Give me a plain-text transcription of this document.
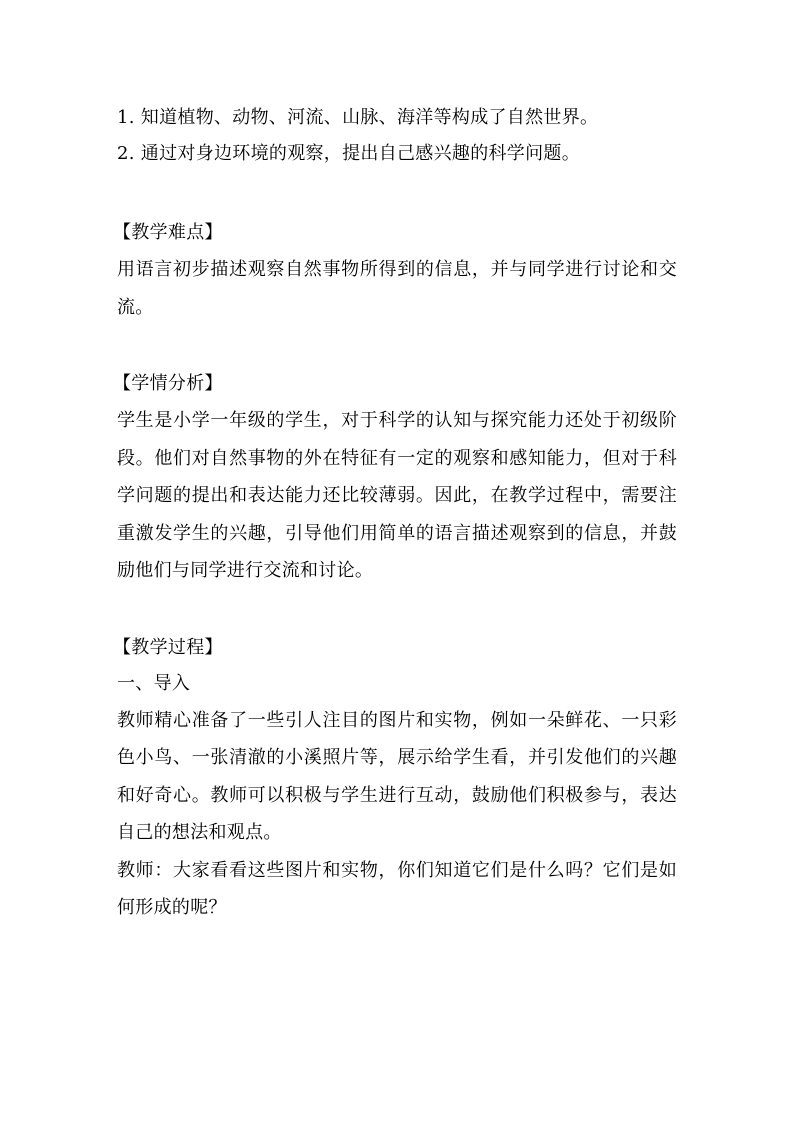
1. 知道植物、动物、河流、山脉、海洋等构成了自然世界。
2. 通过对身边环境的观察，提出自己感兴趣的科学问题。
【教学难点】

用语言初步描述观察自然事物所得到的信息，并与同学进行讨论和交流。

【学情分析】

学生是小学一年级的学生，对于科学的认知与探究能力还处于初级阶段。他们对自然事物的外在特征有一定的观察和感知能力，但对于科学问题的提出和表达能力还比较薄弱。因此，在教学过程中，需要注重激发学生的兴趣，引导他们用简单的语言描述观察到的信息，并鼓励他们与同学进行交流和讨论。

【教学过程】
一、导入

教师精心准备了一些引人注目的图片和实物，例如一朵鲜花、一只彩色小鸟、一张清澈的小溪照片等，展示给学生看，并引发他们的兴趣和好奇心。教师可以积极与学生进行互动，鼓励他们积极参与，表达自己的想法和观点。

教师：大家看看这些图片和实物，你们知道它们是什么吗？它们是如何形成的呢？
